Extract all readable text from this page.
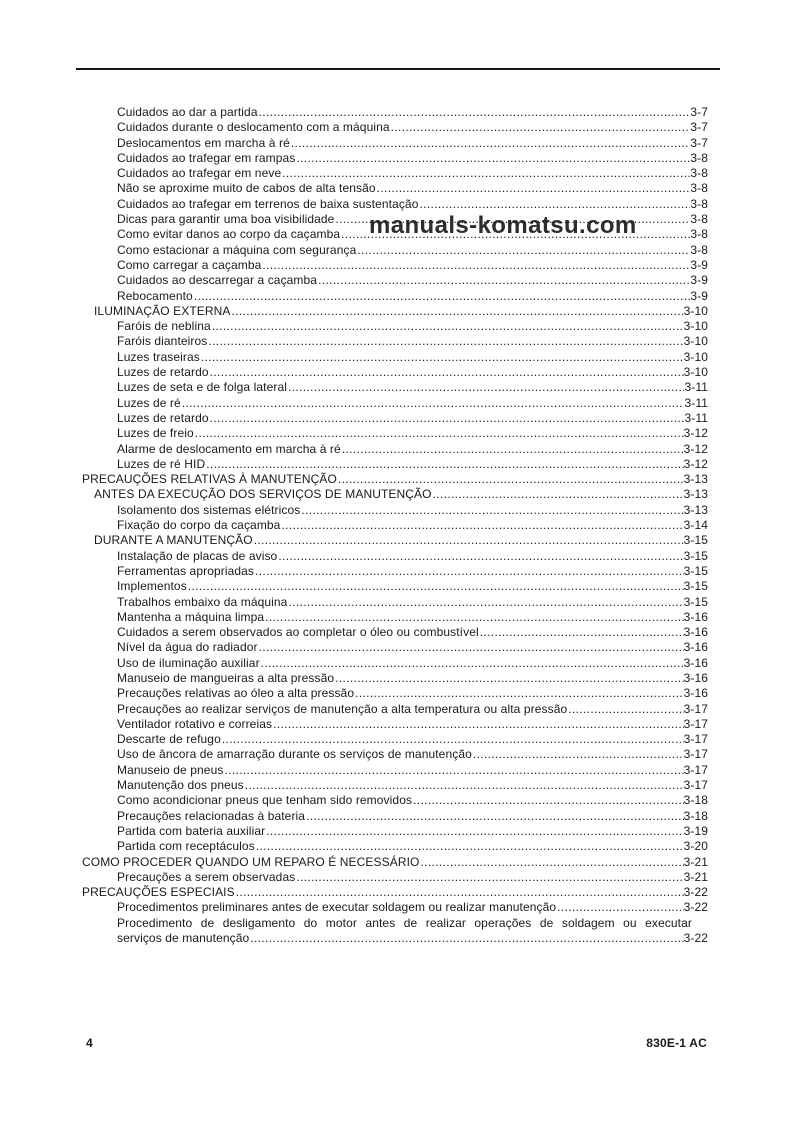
Cuidados ao dar a partida .....	3-7
Cuidados durante o deslocamento com a máquina .....	3-7
Deslocamentos em marcha à ré .....	3-7
Cuidados ao trafegar em rampas .....	3-8
Cuidados ao trafegar em neve .....	3-8
Não se aproxime muito de cabos de alta tensão .....	3-8
Cuidados ao trafegar em terrenos de baixa sustentação .....	3-8
Dicas para garantir uma boa visibilidade .....	3-8
Como evitar danos ao corpo da caçamba .....	3-8
Como estacionar a máquina com segurança .....	3-8
Como carregar a caçamba .....	3-9
Cuidados ao descarregar a caçamba .....	3-9
Rebocamento .....	3-9
ILUMINAÇÃO EXTERNA .....	3-10
Faróis de neblina .....	3-10
Faróis dianteiros .....	3-10
Luzes traseiras .....	3-10
Luzes de retardo .....	3-10
Luzes de seta e de folga lateral .....	3-11
Luzes de ré .....	3-11
Luzes de retardo .....	3-11
Luzes de freio .....	3-12
Alarme de deslocamento em marcha à ré .....	3-12
Luzes de ré HID .....	3-12
PRECAUÇÕES RELATIVAS À MANUTENÇÃO .....	3-13
ANTES DA EXECUÇÃO DOS SERVIÇOS DE MANUTENÇÃO .....	3-13
Isolamento dos sistemas elétricos .....	3-13
Fixação do corpo da caçamba .....	3-14
DURANTE A MANUTENÇÃO .....	3-15
Instalação de placas de aviso .....	3-15
Ferramentas apropriadas .....	3-15
Implementos .....	3-15
Trabalhos embaixo da máquina .....	3-15
Mantenha a máquina limpa .....	3-16
Cuidados a serem observados ao completar o óleo ou combustível .....	3-16
Nível da água do radiador .....	3-16
Uso de iluminação auxiliar .....	3-16
Manuseio de mangueiras a alta pressão .....	3-16
Precauções relativas ao óleo a alta pressão .....	3-16
Precauções ao realizar serviços de manutenção a alta temperatura ou alta pressão .....	3-17
Ventilador rotativo e correias .....	3-17
Descarte de refugo .....	3-17
Uso de âncora de amarração durante os serviços de manutenção .....	3-17
Manuseio de pneus .....	3-17
Manutenção dos pneus .....	3-17
Como acondicionar pneus que tenham sido removidos .....	3-18
Precauções relacionadas à bateria .....	3-18
Partida com bateria auxiliar .....	3-19
Partida com receptáculos .....	3-20
COMO PROCEDER QUANDO UM REPARO É NECESSÁRIO .....	3-21
Precauções a serem observadas .....	3-21
PRECAUÇÕES ESPECIAIS .....	3-22
Procedimentos preliminares antes de executar soldagem ou realizar manutenção .....	3-22
Procedimento de desligamento do motor antes de realizar operações de soldagem ou executar
serviços de manutenção .....	3-22
manuals-komatsu.com
4	830E-1 AC
